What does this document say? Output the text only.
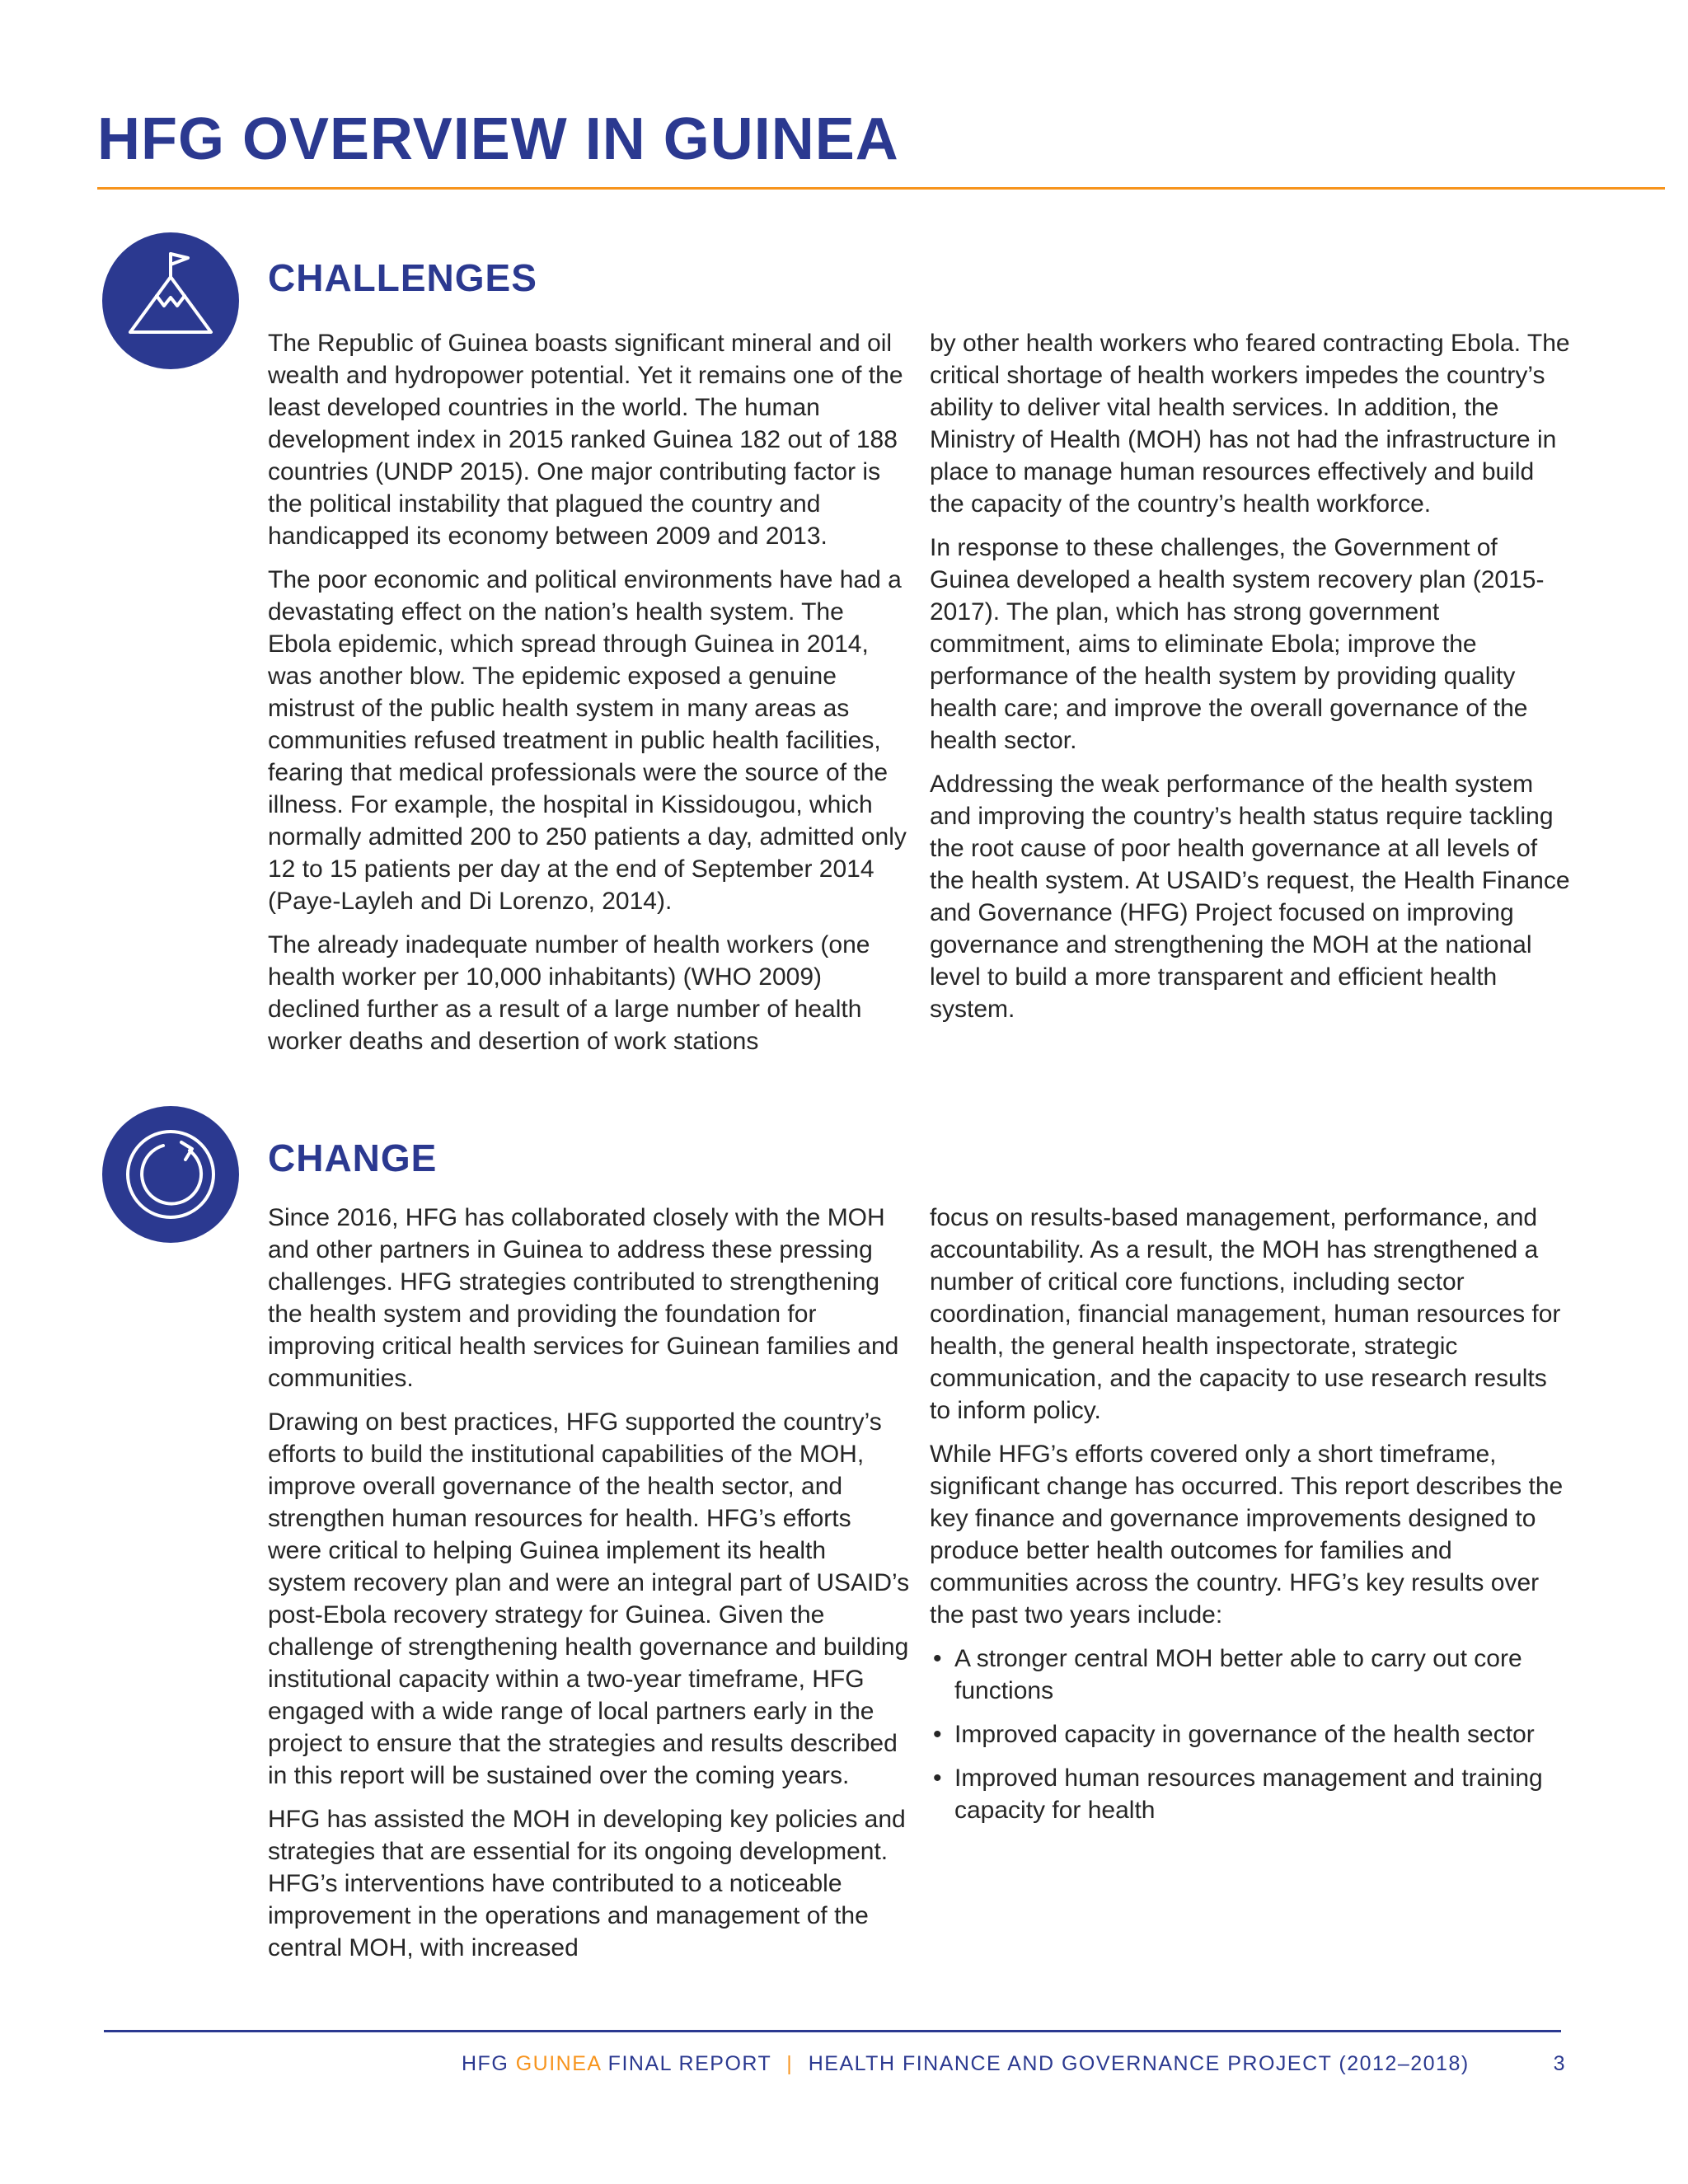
HFG OVERVIEW IN GUINEA
CHALLENGES

The Republic of Guinea boasts significant mineral and oil wealth and hydropower potential. Yet it remains one of the least developed countries in the world. The human development index in 2015 ranked Guinea 182 out of 188 countries (UNDP 2015). One major contributing factor is the political instability that plagued the country and handicapped its economy between 2009 and 2013.

The poor economic and political environments have had a devastating effect on the nation’s health system. The Ebola epidemic, which spread through Guinea in 2014, was another blow. The epidemic exposed a genuine mistrust of the public health system in many areas as communities refused treatment in public health facilities, fearing that medical professionals were the source of the illness. For example, the hospital in Kissidougou, which normally admitted 200 to 250 patients a day, admitted only 12 to 15 patients per day at the end of September 2014 (Paye-Layleh and Di Lorenzo, 2014).

The already inadequate number of health workers (one health worker per 10,000 inhabitants) (WHO 2009) declined further as a result of a large number of health worker deaths and desertion of work stations

by other health workers who feared contracting Ebola. The critical shortage of health workers impedes the country’s ability to deliver vital health services. In addition, the Ministry of Health (MOH) has not had the infrastructure in place to manage human resources effectively and build the capacity of the country’s health workforce.

In response to these challenges, the Government of Guinea developed a health system recovery plan (2015-2017). The plan, which has strong government commitment, aims to eliminate Ebola; improve the performance of the health system by providing quality health care; and improve the overall governance of the health sector.

Addressing the weak performance of the health system and improving the country’s health status require tackling the root cause of poor health governance at all levels of the health system. At USAID’s request, the Health Finance and Governance (HFG) Project focused on improving governance and strengthening the MOH at the national level to build a more transparent and efficient health system.

CHANGE

Since 2016, HFG has collaborated closely with the MOH and other partners in Guinea to address these pressing challenges. HFG strategies contributed to strengthening the health system and providing the foundation for improving critical health services for Guinean families and communities.

Drawing on best practices, HFG supported the country’s efforts to build the institutional capabilities of the MOH, improve overall governance of the health sector, and strengthen human resources for health. HFG’s efforts were critical to helping Guinea implement its health system recovery plan and were an integral part of USAID’s post-Ebola recovery strategy for Guinea. Given the challenge of strengthening health governance and building institutional capacity within a two-year timeframe, HFG engaged with a wide range of local partners early in the project to ensure that the strategies and results described in this report will be sustained over the coming years.

HFG has assisted the MOH in developing key policies and strategies that are essential for its ongoing development. HFG’s interventions have contributed to a noticeable improvement in the operations and management of the central MOH, with increased

focus on results-based management, performance, and accountability. As a result, the MOH has strengthened a number of critical core functions, including sector coordination, financial management, human resources for health, the general health inspectorate, strategic communication, and the capacity to use research results to inform policy.

While HFG’s efforts covered only a short timeframe, significant change has occurred. This report describes the key finance and governance improvements designed to produce better health outcomes for families and communities across the country. HFG’s key results over the past two years include:

• A stronger central MOH better able to carry out core functions
• Improved capacity in governance of the health sector
• Improved human resources management and training capacity for health
HFG GUINEA FINAL REPORT | HEALTH FINANCE AND GOVERNANCE PROJECT (2012–2018)	3
